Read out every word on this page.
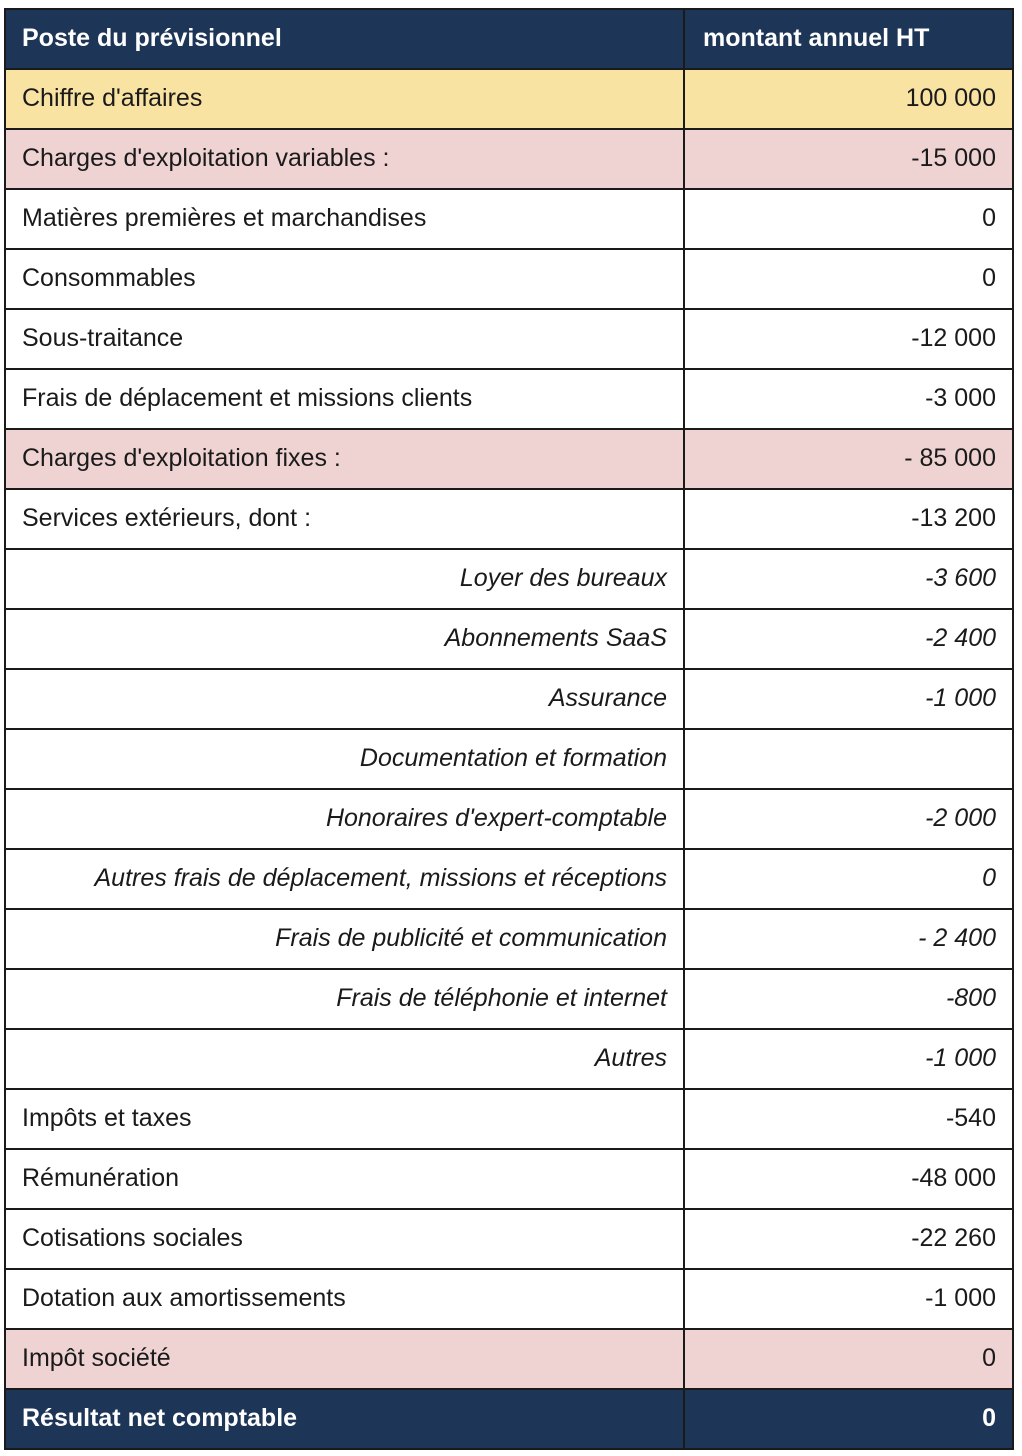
Poste du prévisionnel	montant annuel HT
Chiffre d'affaires	100 000
Charges d'exploitation variables :	-15 000
Matières premières et marchandises	0
Consommables	0
Sous-traitance	-12 000
Frais de déplacement et missions clients	-3 000
Charges d'exploitation fixes :	- 85 000
Services extérieurs, dont :	-13 200
Loyer des bureaux	-3 600
Abonnements SaaS	-2 400
Assurance	-1 000
Documentation et formation	
Honoraires d'expert-comptable	-2 000
Autres frais de déplacement, missions et réceptions	0
Frais de publicité et communication	- 2 400
Frais de téléphonie et internet	-800
Autres	-1 000
Impôts et taxes	-540
Rémunération	-48 000
Cotisations sociales	-22 260
Dotation aux amortissements	-1 000
Impôt société	0
Résultat net comptable	0
